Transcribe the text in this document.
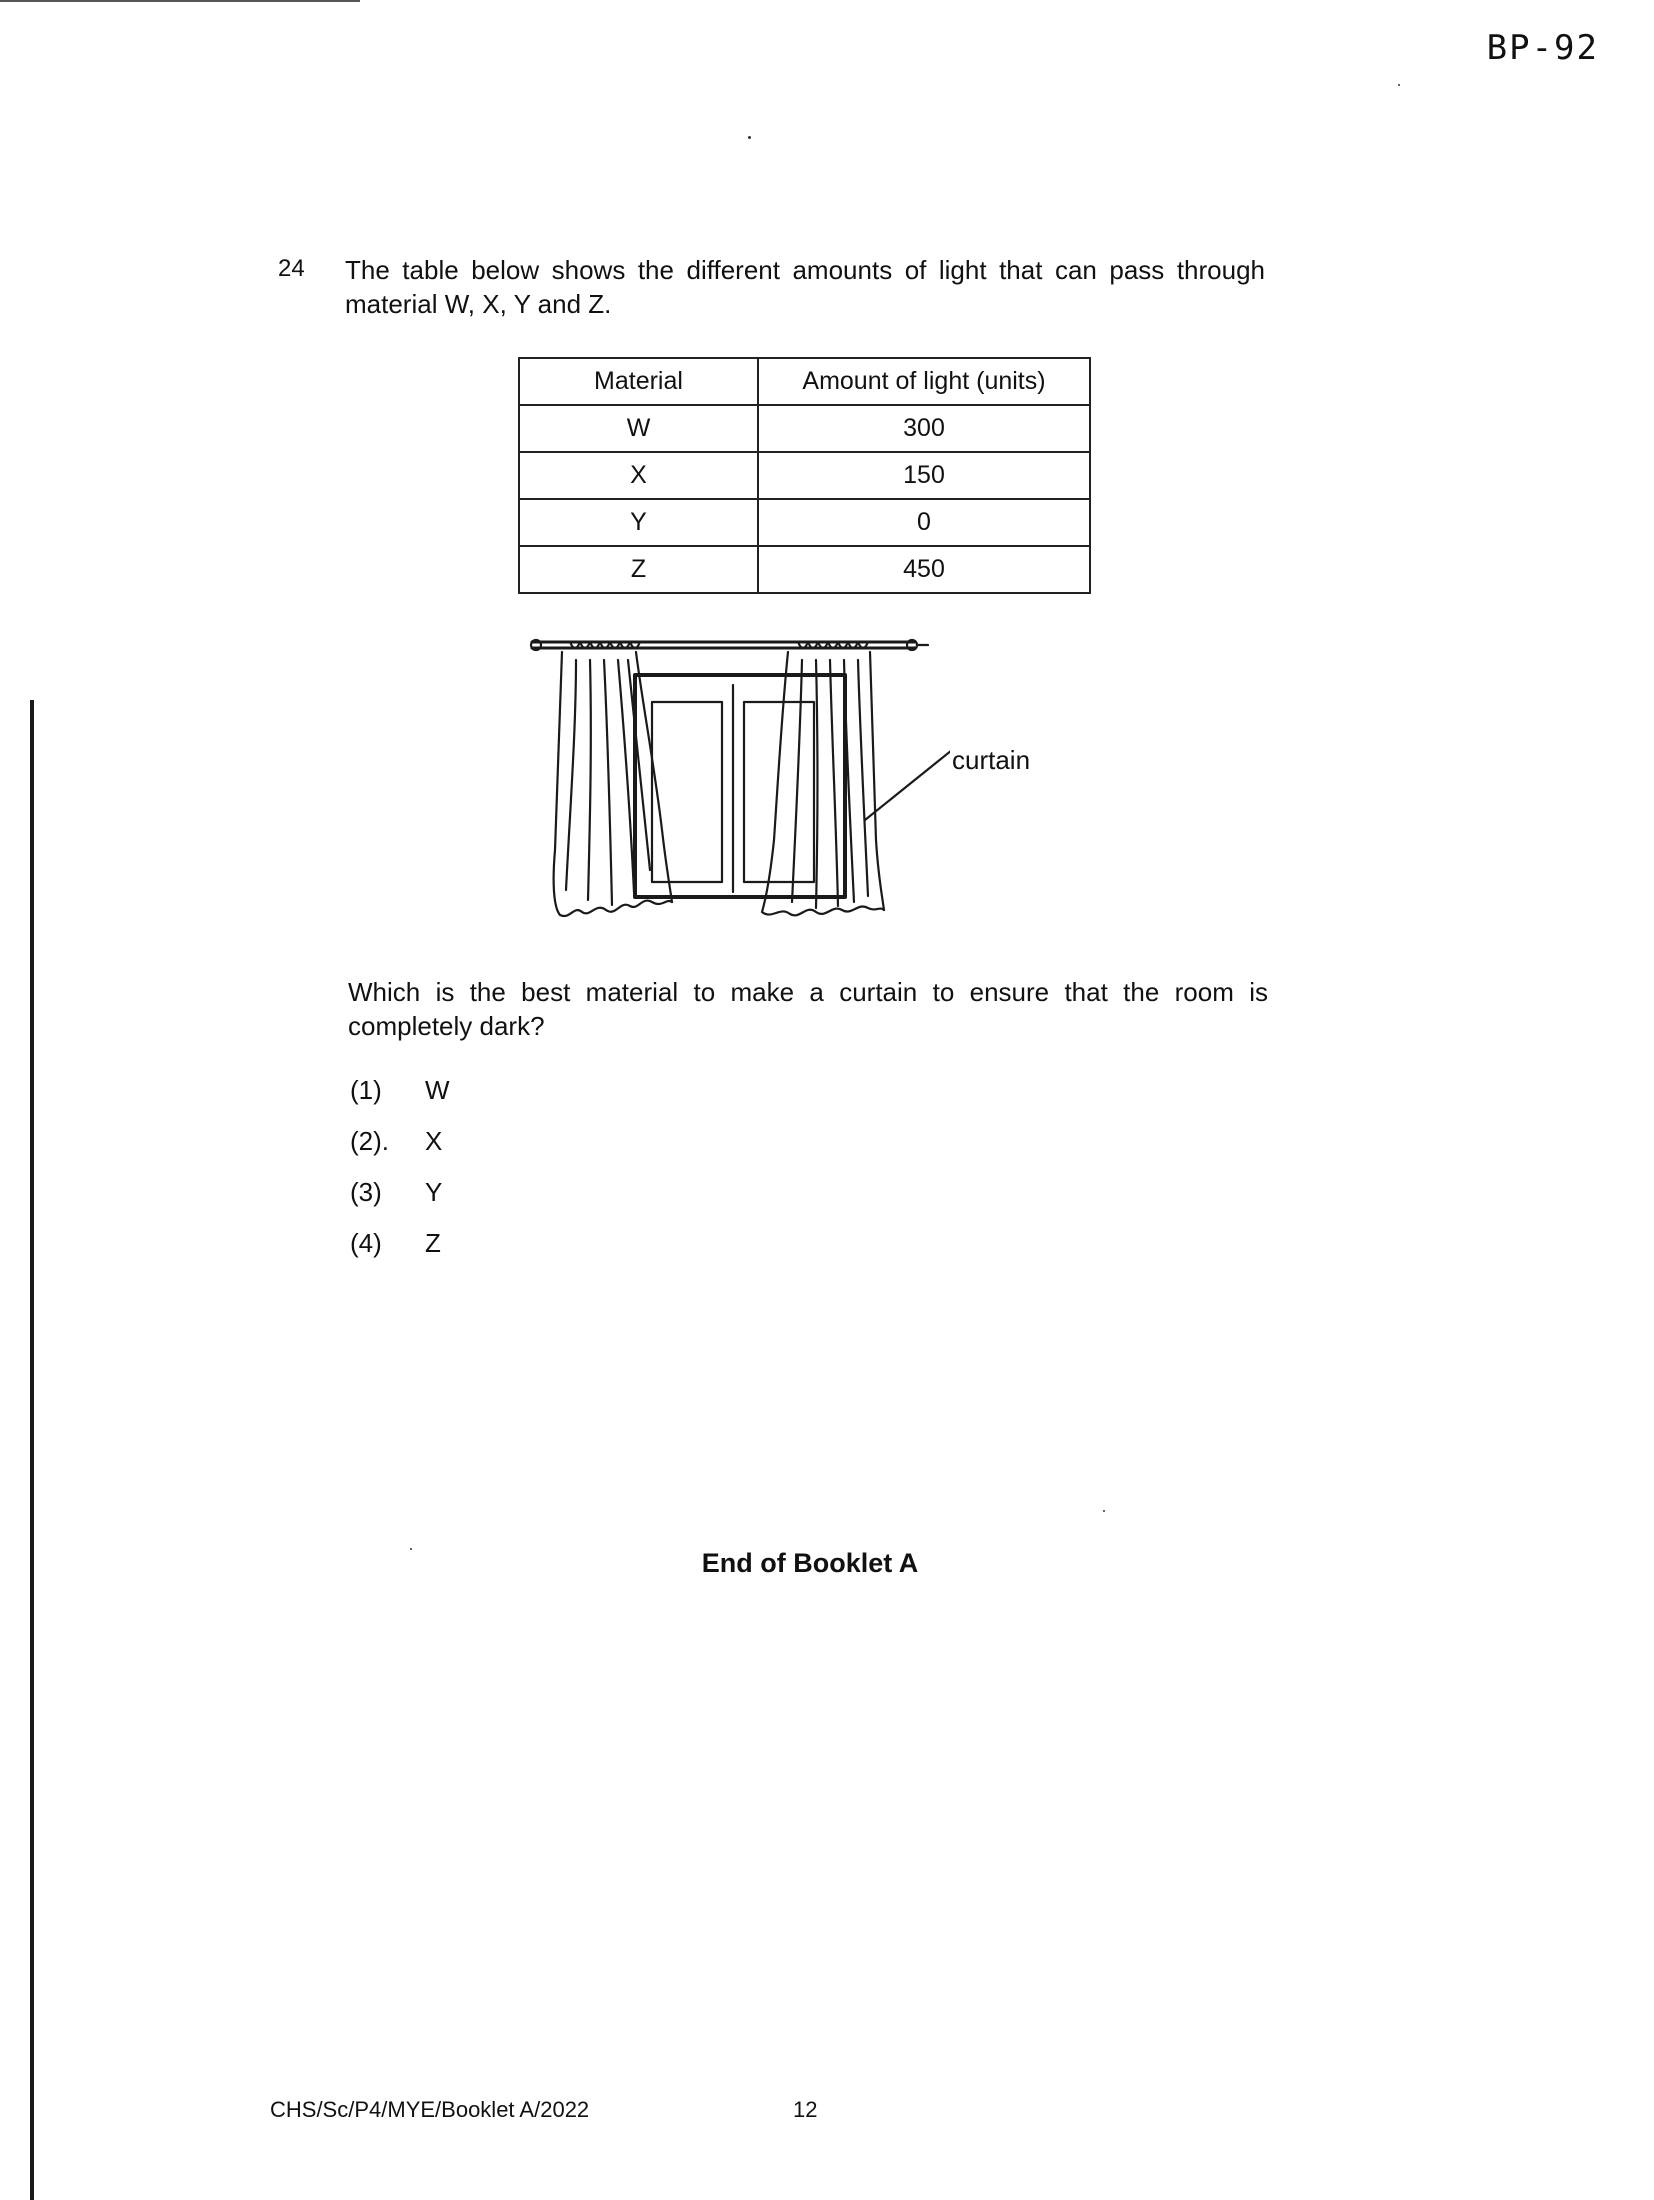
BP-92
24 The table below shows the different amounts of light that can pass through material W, X, Y and Z.
Material	Amount of light (units)
W	300
X	150
Y	0
Z	450
curtain
Which is the best material to make a curtain to ensure that the room is completely dark?
(1)	W
(2).	X
(3)	Y
(4)	Z
End of Booklet A
CHS/Sc/P4/MYE/Booklet A/2022	12
